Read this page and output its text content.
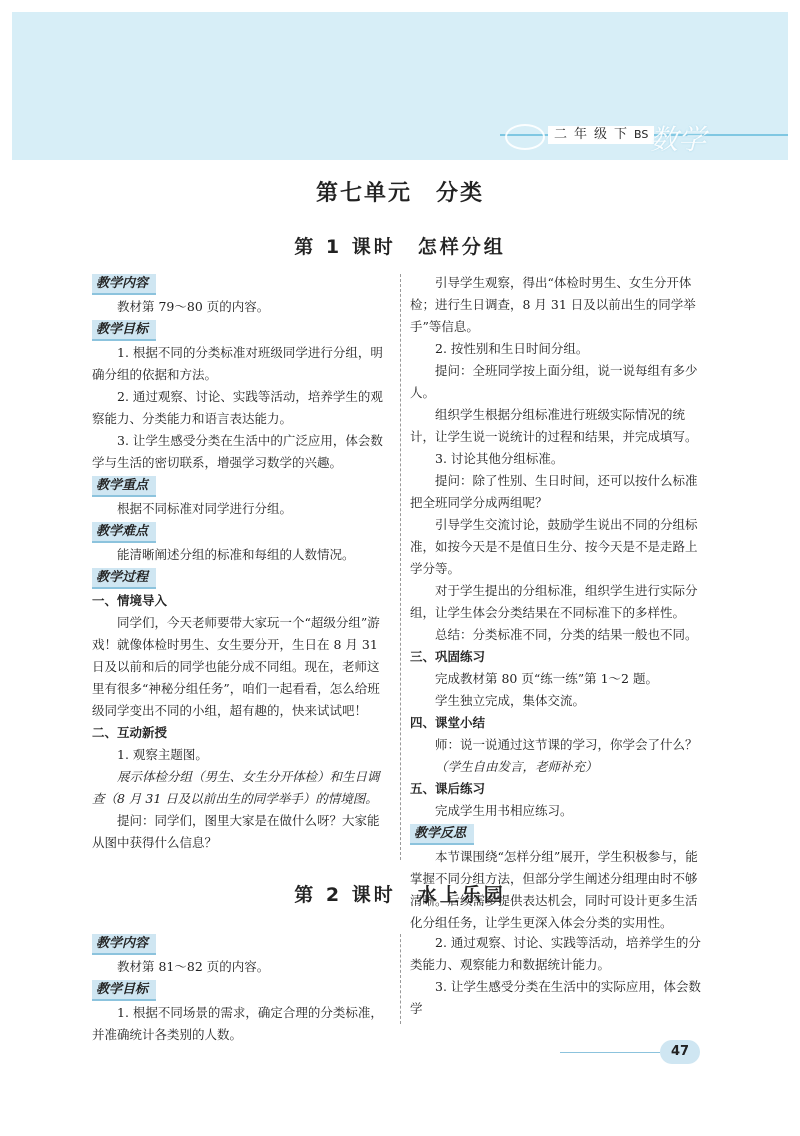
二年级下BS 数学
第七单元　分类
第 1 课时　怎样分组
教学内容

教材第 79～80 页的内容。

教学目标

1. 根据不同的分类标准对班级同学进行分组，明确分组的依据和方法。

2. 通过观察、讨论、实践等活动，培养学生的观察能力、分类能力和语言表达能力。

3. 让学生感受分类在生活中的广泛应用，体会数学与生活的密切联系，增强学习数学的兴趣。

教学重点

根据不同标准对同学进行分组。

教学难点

能清晰阐述分组的标准和每组的人数情况。

教学过程

一、情境导入

同学们，今天老师要带大家玩一个“超级分组”游戏！就像体检时男生、女生要分开，生日在 8 月 31 日及以前和后的同学也能分成不同组。现在，老师这里有很多“神秘分组任务”，咱们一起看看，怎么给班级同学变出不同的小组，超有趣的，快来试试吧！

二、互动新授

1. 观察主题图。

展示体检分组（男生、女生分开体检）和生日调查（8 月 31 日及以前出生的同学举手）的情境图。

提问：同学们，图里大家是在做什么呀？大家能从图中获得什么信息？

引导学生观察，得出“体检时男生、女生分开体检；进行生日调查，8 月 31 日及以前出生的同学举手”等信息。

2. 按性别和生日时间分组。

提问：全班同学按上面分组，说一说每组有多少人。

组织学生根据分组标准进行班级实际情况的统计，让学生说一说统计的过程和结果，并完成填写。

3. 讨论其他分组标准。

提问：除了性别、生日时间，还可以按什么标准把全班同学分成两组呢？

引导学生交流讨论，鼓励学生说出不同的分组标准，如按今天是不是值日生分、按今天是不是走路上学分等。

对于学生提出的分组标准，组织学生进行实际分组，让学生体会分类结果在不同标准下的多样性。

总结：分类标准不同，分类的结果一般也不同。

三、巩固练习

完成教材第 80 页“练一练”第 1～2 题。

学生独立完成，集体交流。

四、课堂小结

师：说一说通过这节课的学习，你学会了什么？

（学生自由发言，老师补充）

五、课后练习

完成学生用书相应练习。

教学反思

本节课围绕“怎样分组”展开，学生积极参与，能掌握不同分组方法，但部分学生阐述分组理由时不够清晰。后续需多提供表达机会，同时可设计更多生活化分组任务，让学生更深入体会分类的实用性。

第 2 课时　水上乐园
教学内容

教材第 81～82 页的内容。

教学目标

1. 根据不同场景的需求，确定合理的分类标准，并准确统计各类别的人数。

2. 通过观察、讨论、实践等活动，培养学生的分类能力、观察能力和数据统计能力。

3. 让学生感受分类在生活中的实际应用，体会数学

47
